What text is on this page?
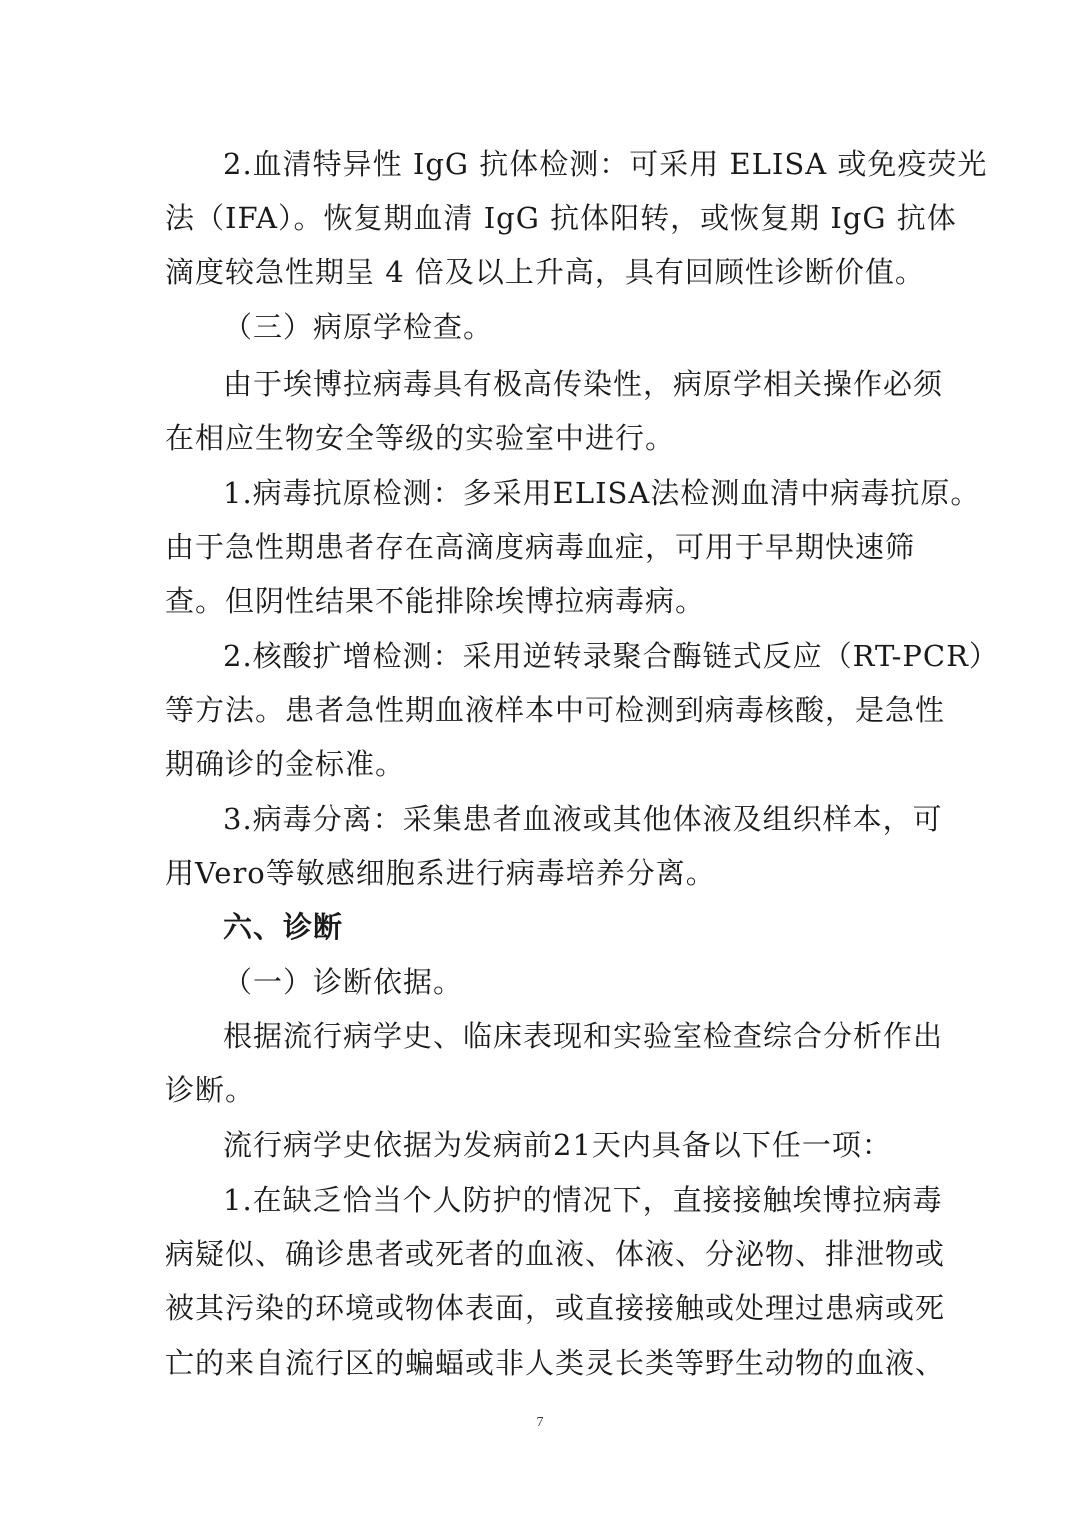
2.血清特异性 IgG 抗体检测：可采用 ELISA 或免疫荧光
法（IFA）。恢复期血清 IgG 抗体阳转，或恢复期 IgG 抗体
滴度较急性期呈 4 倍及以上升高，具有回顾性诊断价值。
（三）病原学检查。
由于埃博拉病毒具有极高传染性，病原学相关操作必须
在相应生物安全等级的实验室中进行。
1.病毒抗原检测：多采用ELISA法检测血清中病毒抗原。
由于急性期患者存在高滴度病毒血症，可用于早期快速筛
查。但阴性结果不能排除埃博拉病毒病。
2.核酸扩增检测：采用逆转录聚合酶链式反应（RT-PCR）
等方法。患者急性期血液样本中可检测到病毒核酸，是急性
期确诊的金标准。
3.病毒分离：采集患者血液或其他体液及组织样本，可
用Vero等敏感细胞系进行病毒培养分离。
六、诊断
（一）诊断依据。
根据流行病学史、临床表现和实验室检查综合分析作出
诊断。
流行病学史依据为发病前21天内具备以下任一项：
1.在缺乏恰当个人防护的情况下，直接接触埃博拉病毒
病疑似、确诊患者或死者的血液、体液、分泌物、排泄物或
被其污染的环境或物体表面，或直接接触或处理过患病或死
亡的来自流行区的蝙蝠或非人类灵长类等野生动物的血液、
7
